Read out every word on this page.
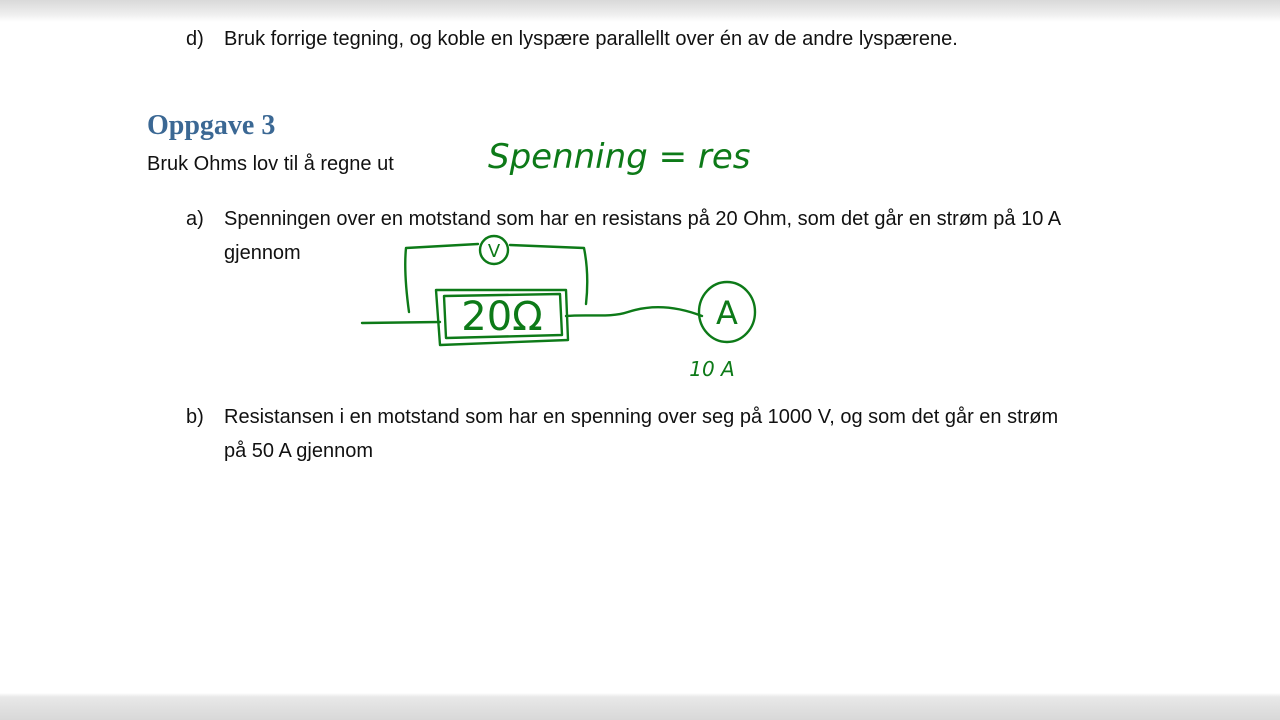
d) Bruk forrige tegning, og koble en lyspære parallellt over én av de andre lyspærene.
Oppgave 3
Bruk Ohms lov til å regne ut
a) Spenningen over en motstand som har en resistans på 20 Ohm, som det går en strøm på 10 A
gjennom
b) Resistansen i en motstand som har en spenning over seg på 1000 V, og som det går en strøm
på 50 A gjennom
Spenning = res
V
20Ω	A
10 A
